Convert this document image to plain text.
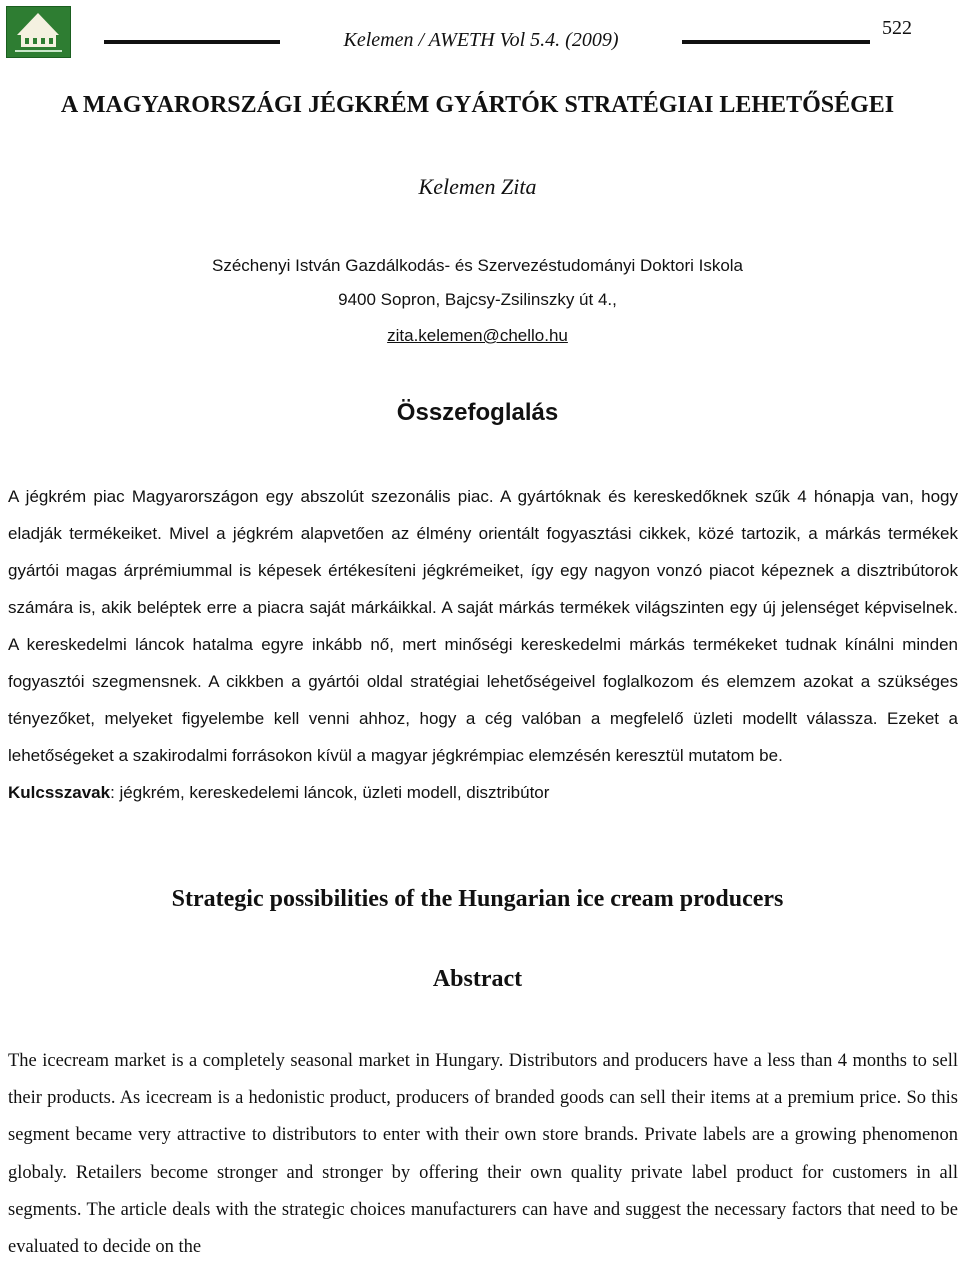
Kelemen / AWETH Vol 5.4. (2009)
522
A MAGYARORSZÁGI JÉGKRÉM GYÁRTÓK STRATÉGIAI LEHETŐSÉGEI
Kelemen Zita
Széchenyi István Gazdálkodás- és Szervezéstudományi Doktori Iskola
9400 Sopron, Bajcsy-Zsilinszky út 4.,
zita.kelemen@chello.hu
Összefoglalás
A jégkrém piac Magyarországon egy abszolút szezonális piac. A gyártóknak és kereskedőknek szűk 4 hónapja van, hogy eladják termékeiket. Mivel a jégkrém alapvetően az élmény orientált fogyasztási cikkek, közé tartozik, a márkás termékek gyártói magas árprémiummal is képesek értékesíteni jégkrémeiket, így egy nagyon vonzó piacot képeznek a disztribútorok számára is, akik beléptek erre a piacra saját márkáikkal. A saját márkás termékek világszinten egy új jelenséget képviselnek. A kereskedelmi láncok hatalma egyre inkább nő, mert minőségi kereskedelmi márkás termékeket tudnak kínálni minden fogyasztói szegmensnek. A cikkben a gyártói oldal stratégiai lehetőségeivel foglalkozom és elemzem azokat a szükséges tényezőket, melyeket figyelembe kell venni ahhoz, hogy a cég valóban a megfelelő üzleti modellt válassza. Ezeket a lehetőségeket a szakirodalmi forrásokon kívül a magyar jégkrémpiac elemzésén keresztül mutatom be.
Kulcsszavak: jégkrém, kereskedelemi láncok, üzleti modell, disztribútor
Strategic possibilities of the Hungarian ice cream producers
Abstract
The icecream market is a completely seasonal market in Hungary. Distributors and producers have a less than 4 months to sell their products. As icecream is a hedonistic product, producers of branded goods can sell their items at a premium price. So this segment became very attractive to distributors to enter with their own store brands. Private labels are a growing phenomenon globaly. Retailers become stronger and stronger by offering their own quality private label product for customers in all segments. The article deals with the strategic choices manufacturers can have and suggest the necessary factors that need to be evaluated to decide on the
